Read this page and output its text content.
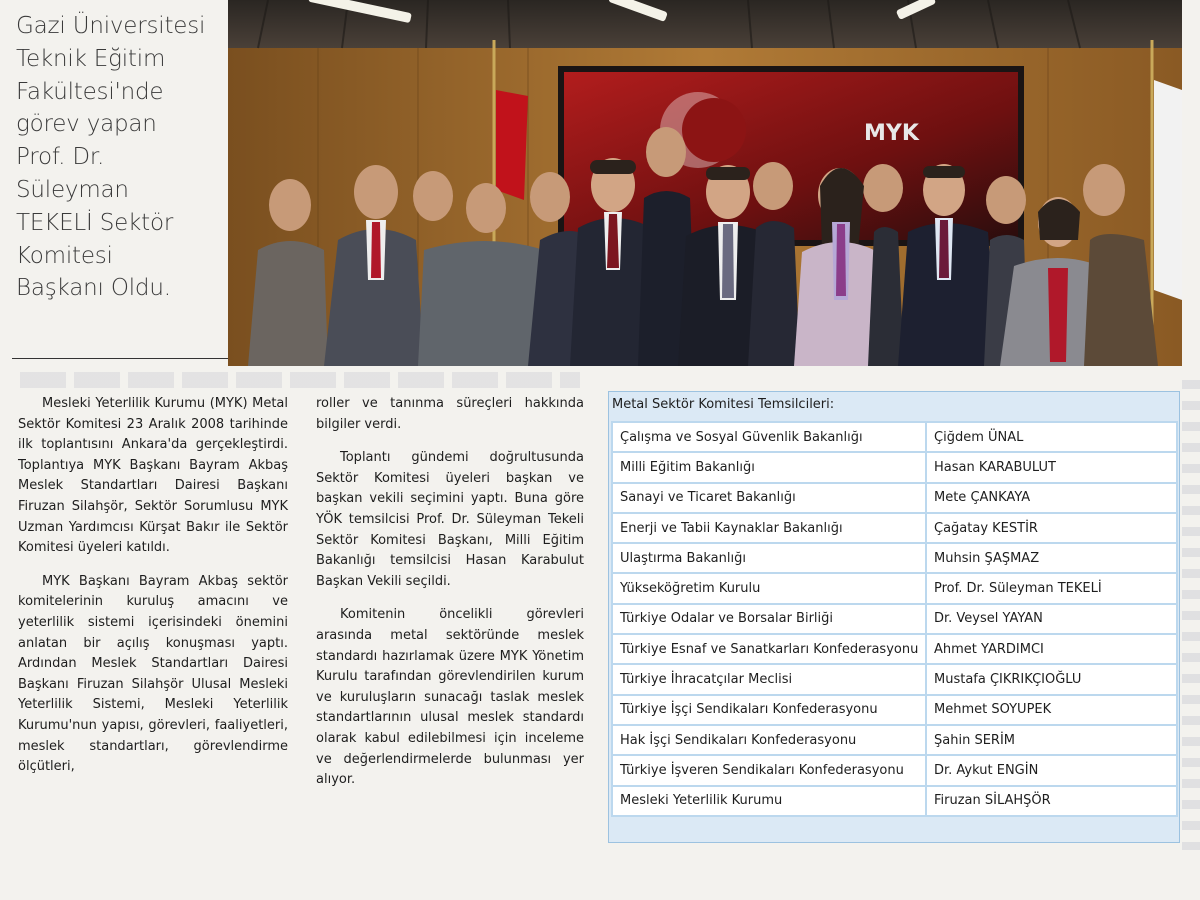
Gazi Üniversitesi
Teknik Eğitim
Fakültesi'nde
görev yapan
Prof. Dr.
Süleyman
TEKELİ Sektör
Komitesi
Başkanı Oldu.
MYK

Mesleki Yeterlilik Kurumu (MYK) Metal Sektör Komitesi 23 Aralık 2008 tarihinde ilk toplantısını Ankara'da gerçekleştirdi. Toplantıya MYK Başkanı Bayram Akbaş Meslek Standartları Dairesi Başkanı Firuzan Silahşör, Sektör Sorumlusu MYK Uzman Yardımcısı Kürşat Bakır ile Sektör Komitesi üyeleri katıldı.

MYK Başkanı Bayram Akbaş sektör komitelerinin kuruluş amacını ve yeterlilik sistemi içerisindeki önemini anlatan bir açılış konuşması yaptı. Ardından Meslek Standartları Dairesi Başkanı Firuzan Silahşör Ulusal Mesleki Yeterlilik Sistemi, Mesleki Yeterlilik Kurumu'nun yapısı, görevleri, faaliyetleri, meslek standartları, görevlendirme ölçütleri,

roller ve tanınma süreçleri hakkında bilgiler verdi.

Toplantı gündemi doğrultusunda Sektör Komitesi üyeleri başkan ve başkan vekili seçimini yaptı. Buna göre YÖK temsilcisi Prof. Dr. Süleyman Tekeli Sektör Komitesi Başkanı, Milli Eğitim Bakanlığı temsilcisi Hasan Karabulut Başkan Vekili seçildi.

Komitenin öncelikli görevleri arasında metal sektöründe meslek standardı hazırlamak üzere MYK Yönetim Kurulu tarafından görevlendirilen kurum ve kuruluşların sunacağı taslak meslek standartlarının ulusal meslek standardı olarak kabul edilebilmesi için inceleme ve değerlendirmelerde bulunması yer alıyor.

Metal Sektör Komitesi Temsilcileri:
Çalışma ve Sosyal Güvenlik Bakanlığı	Çiğdem ÜNAL
Milli Eğitim Bakanlığı	Hasan KARABULUT
Sanayi ve Ticaret Bakanlığı	Mete ÇANKAYA
Enerji ve Tabii Kaynaklar Bakanlığı	Çağatay KESTİR
Ulaştırma Bakanlığı	Muhsin ŞAŞMAZ
Yükseköğretim Kurulu	Prof. Dr. Süleyman TEKELİ
Türkiye Odalar ve Borsalar Birliği	Dr. Veysel YAYAN
Türkiye Esnaf ve Sanatkarları Konfederasyonu	Ahmet YARDIMCI
Türkiye İhracatçılar Meclisi	Mustafa ÇIKRIKÇIOĞLU
Türkiye İşçi Sendikaları Konfederasyonu	Mehmet SOYUPEK
Hak İşçi Sendikaları Konfederasyonu	Şahin SERİM
Türkiye İşveren Sendikaları Konfederasyonu	Dr. Aykut ENGİN
Mesleki Yeterlilik Kurumu	Firuzan SİLAHŞÖR
